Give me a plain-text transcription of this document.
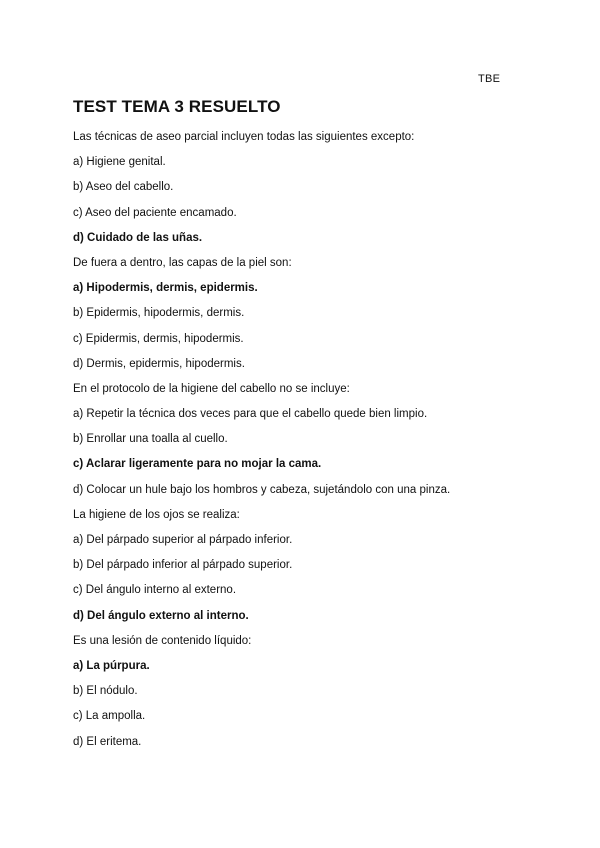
TBE
TEST TEMA 3 RESUELTO
Las técnicas de aseo parcial incluyen todas las siguientes excepto:
a) Higiene genital.
b) Aseo del cabello.
c) Aseo del paciente encamado.
d) Cuidado de las uñas.
De fuera a dentro, las capas de la piel son:
a) Hipodermis, dermis, epidermis.
b) Epidermis, hipodermis, dermis.
c) Epidermis, dermis, hipodermis.
d) Dermis, epidermis, hipodermis.
En el protocolo de la higiene del cabello no se incluye:
a) Repetir la técnica dos veces para que el cabello quede bien limpio.
b) Enrollar una toalla al cuello.
c) Aclarar ligeramente para no mojar la cama.
d) Colocar un hule bajo los hombros y cabeza, sujetándolo con una pinza.
La higiene de los ojos se realiza:
a) Del párpado superior al párpado inferior.
b) Del párpado inferior al párpado superior.
c) Del ángulo interno al externo.
d) Del ángulo externo al interno.
Es una lesión de contenido líquido:
a) La púrpura.
b) El nódulo.
c) La ampolla.
d) El eritema.
